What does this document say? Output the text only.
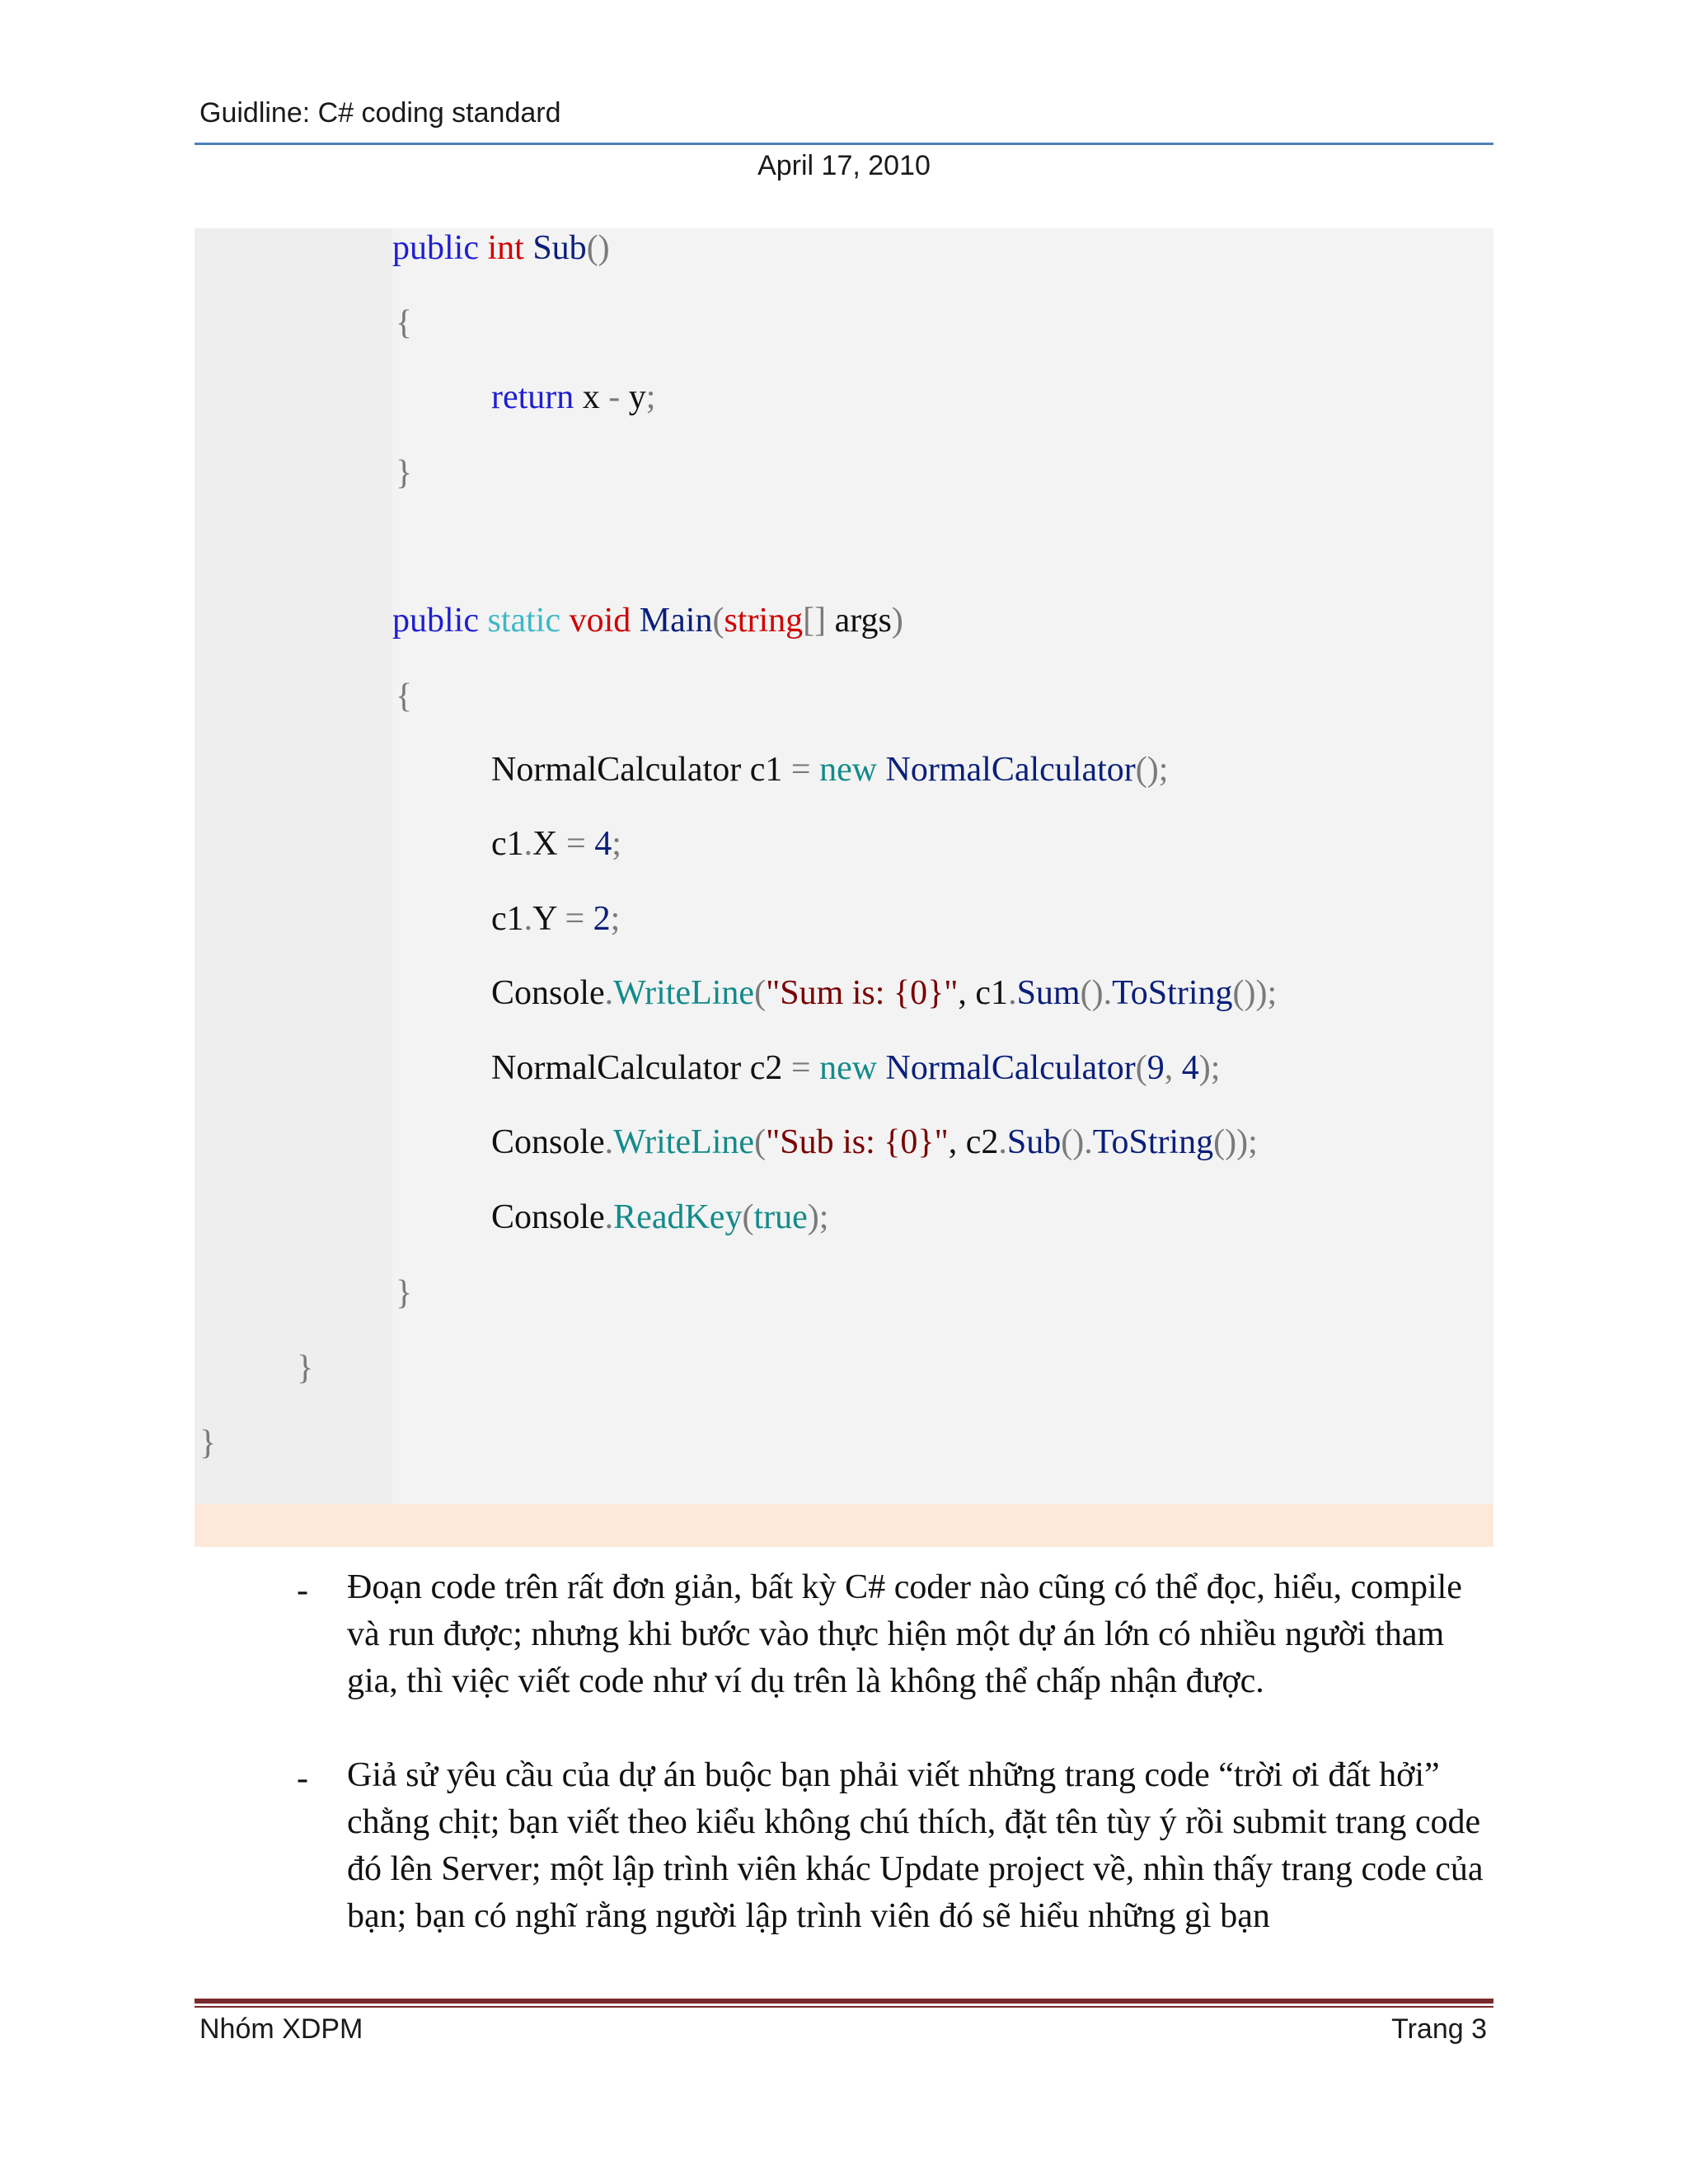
Guidline: C# coding standard
April 17, 2010
public int Sub()
{
return x - y;
}
public static void Main(string[] args)
{
NormalCalculator c1 = new NormalCalculator();
c1.X = 4;
c1.Y = 2;
Console.WriteLine("Sum is: {0}", c1.Sum().ToString());
NormalCalculator c2 = new NormalCalculator(9, 4);
Console.WriteLine("Sub is: {0}", c2.Sub().ToString());
Console.ReadKey(true);
}
}
}
- Đoạn code trên rất đơn giản, bất kỳ C# coder nào cũng có thể đọc, hiểu, compile và run được; nhưng khi bước vào thực hiện một dự án lớn có nhiều người tham gia, thì việc viết code như ví dụ trên là không thể chấp nhận được.
- Giả sử yêu cầu của dự án buộc bạn phải viết những trang code “trời ơi đất hởi” chằng chịt; bạn viết theo kiểu không chú thích, đặt tên tùy ý rồi submit trang code đó lên Server; một lập trình viên khác Update project về, nhìn thấy trang code của bạn; bạn có nghĩ rằng người lập trình viên đó sẽ hiểu những gì bạn
Nhóm XDPM	Trang 3
